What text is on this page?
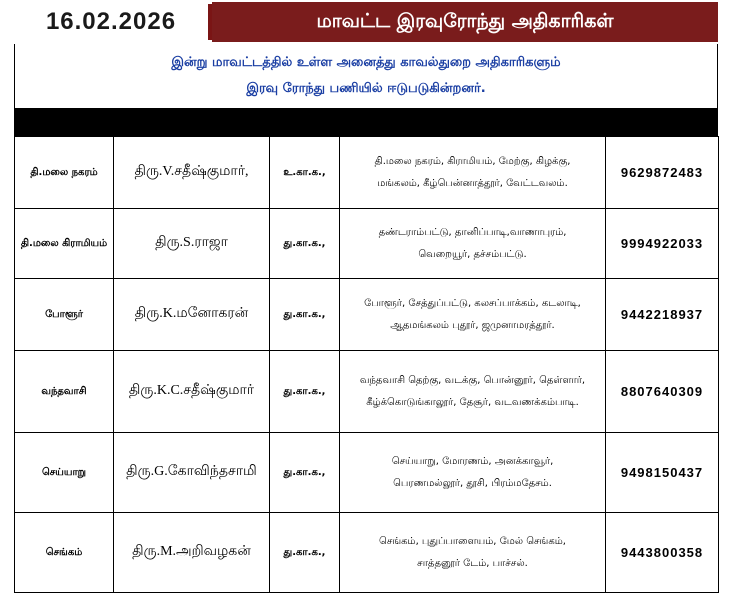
16.02.2026	மாவட்ட இரவுரோந்து அதிகாரிகள்
இன்று மாவட்டத்தில் உள்ள அனைத்து காவல்துறை அதிகாரிகளும்
இரவு ரோந்து பணியில் ஈடுபடுகின்றனர்.
தி.மலை நகரம்	திரு.V.சதீஷ்குமார்,	உ.கா.க.,	தி.மலை நகரம், கிராமியம், மேற்கு, கிழக்கு,
மங்கலம், கீழ்பென்னாத்தூர், வேட்டவலம்.	9629872483
தி.மலை கிராமியம்	திரு.S.ராஜா	து.கா.க.,	தண்டராம்பட்டு, தானிப்பாடி,வாணாபுரம்,
வெறையூர், தச்சம்பட்டு.	9994922033
போளூர்	திரு.K.மனோகரன்	து.கா.க.,	போளூர், சேத்துப்பட்டு, கலசப்பாக்கம், கடலாடி,
ஆதமங்கலம் புதூர், ஜமுனாமரத்தூர்.	9442218937
வந்தவாசி	திரு.K.C.சதீஷ்குமார்	து.கா.க.,	வந்தவாசி தெற்கு, வடக்கு, பொன்னூர், தெள்ளார்,
கீழ்க்கொடுங்காலூர், தேசூர், வடவணக்கம்பாடி.	8807640309
செய்யாறு	திரு.G.கோவிந்தசாமி	து.கா.க.,	செய்யாறு, மோரணம், அனக்காவூர்,
பெரணமல்லூர், தூசி, பிரம்மதேசம்.	9498150437
செங்கம்	திரு.M.அறிவழகன்	து.கா.க.,	செங்கம், புதுப்பாளையம், மேல் செங்கம்,
சாத்தனூர் டேம், பாச்சல்.	9443800358
